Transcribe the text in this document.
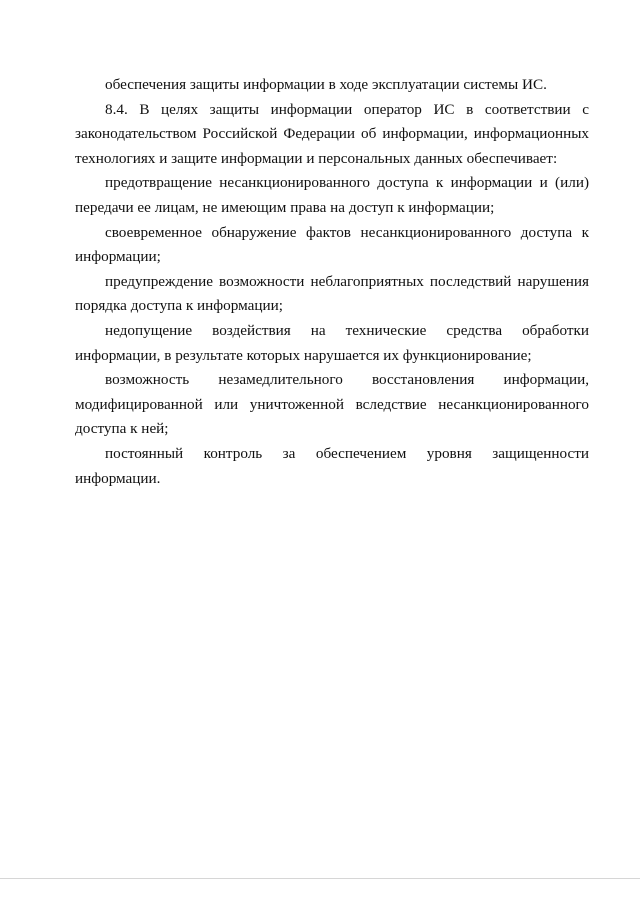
обеспечения защиты информации в ходе эксплуатации системы ИС.

8.4. В целях защиты информации оператор ИС в соответствии с законодательством Российской Федерации об информации, информационных технологиях и защите информации и персональных данных обеспечивает:

предотвращение несанкционированного доступа к информации и (или) передачи ее лицам, не имеющим права на доступ к информации;

своевременное обнаружение фактов несанкционированного доступа к информации;

предупреждение возможности неблагоприятных последствий нарушения порядка доступа к информации;

недопущение воздействия на технические средства обработки информации, в результате которых нарушается их функционирование;

возможность незамедлительного восстановления информации, модифицированной или уничтоженной вследствие несанкционированного доступа к ней;

постоянный контроль за обеспечением уровня защищенности информации.
